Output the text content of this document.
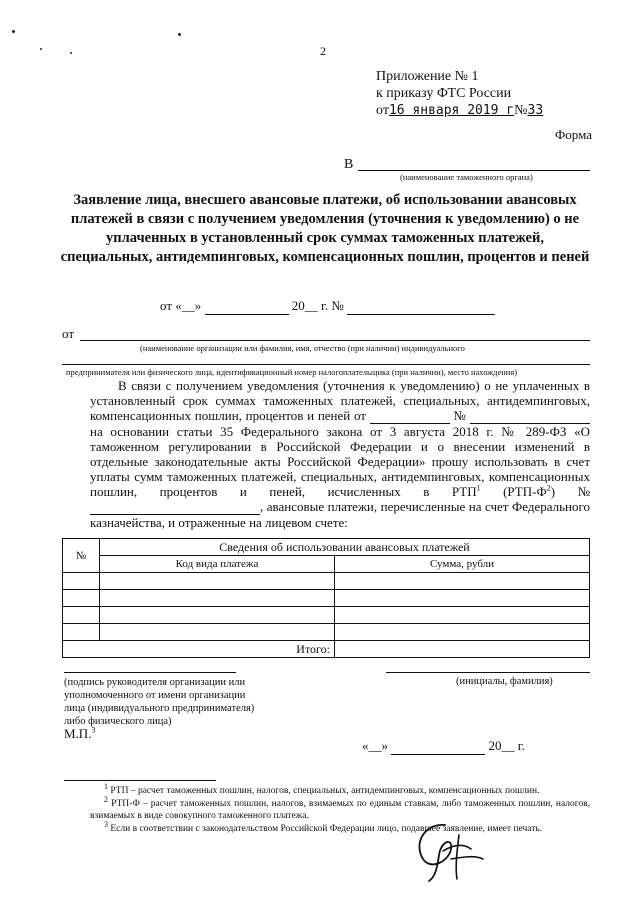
2
Приложение № 1
к приказу ФТС России
от16 января 2019 г№33
Форма
В
(наименование таможенного органа)
Заявление лица, внесшего авансовые платежи, об использовании авансовых платежей в связи с получением уведомления (уточнения к уведомлению) о не уплаченных в установленный срок суммах таможенных платежей, специальных, антидемпинговых, компенсационных пошлин, процентов и пеней
от «__»	20__ г. №
от
(наименование организации или фамилия, имя, отчество (при наличии) индивидуального
предпринимателя или физического лица, идентификационный номер налогоплательщика (при наличии), место нахождения)

В связи с получением уведомления (уточнения к уведомлению) о не уплаченных в установленный срок суммах таможенных платежей, специальных, антидемпинговых, компенсационных пошлин, процентов и пеней от	№   на основании статьи 35 Федерального закона от 3 августа 2018 г. № 289-ФЗ «О таможенном регулировании в Российской Федерации и о внесении изменений в отдельные законодательные акты Российской Федерации» прошу использовать в счет уплаты сумм таможенных платежей, специальных, антидемпинговых, компенсационных пошлин, процентов и пеней, исчисленных в РТП$^1$ $(РТП-Ф^2)$ №  , авансовые платежи, перечисленные на счет Федерального казначейства, и отраженные на лицевом счете:

№	Сведения об использовании авансовых платежей	
	Код вида платежа	Сумма, рубли

Итого:		
(подпись руководителя организации или
уполномоченного от имени организации
лица (индивидуального предпринимателя)
либо физического лица)
(инициалы, фамилия)
М.П.$^3$
«__»	20__ г.

$^1$ РТП – расчет таможенных пошлин, налогов, специальных, антидемпинговых, компенсационных пошлин.

$^2$ РТП-Ф – расчет таможенных пошлин, налогов, взимаемых по единым ставкам, либо таможенных пошлин, налогов, взимаемых в виде совокупного таможенного платежа.

$^3$ Если в соответствии с законодательством Российской Федерации лицо, подавшее заявление, имеет печать.
